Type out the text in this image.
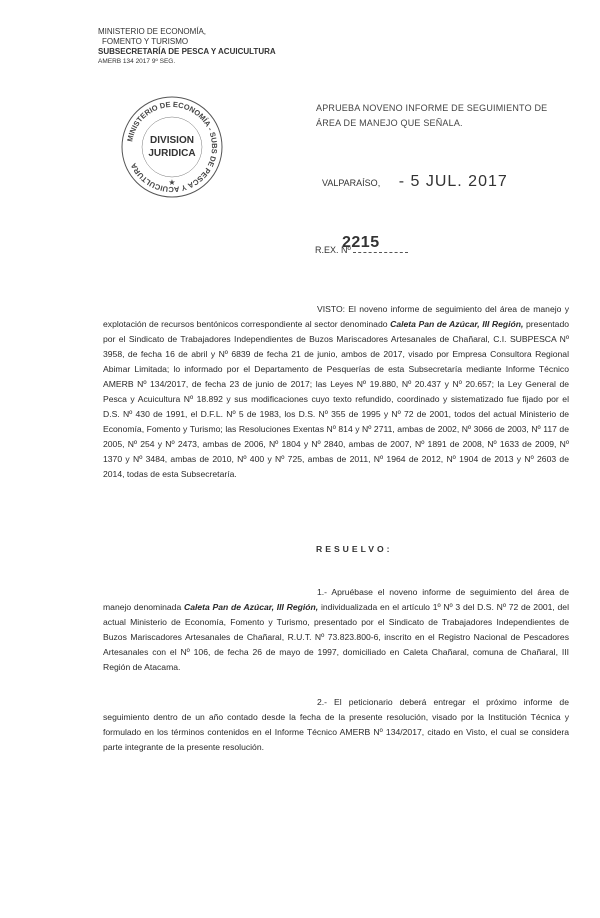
MINISTERIO DE ECONOMÍA,
FOMENTO Y TURISMO
SUBSECRETARÍA DE PESCA Y ACUICULTURA
AMERB 134 2017 9º SEG.
MINISTERIO DE ECONOMÍA - SUBS DE PESCA Y ACUICULTURA
DIVISION
JURIDICA
★
APRUEBA NOVENO INFORME DE SEGUIMIENTO DE ÁREA DE MANEJO QUE SEÑALA.
VALPARAÍSO, - 5 JUL. 2017
R.EX. Nº
2215
VISTO: El noveno informe de seguimiento del área de manejo y explotación de recursos bentónicos correspondiente al sector denominado Caleta Pan de Azúcar, III Región, presentado por el Sindicato de Trabajadores Independientes de Buzos Mariscadores Artesanales de Chañaral, C.I. SUBPESCA Nº 3958, de fecha 16 de abril y Nº 6839 de fecha 21 de junio, ambos de 2017, visado por Empresa Consultora Regional Abimar Limitada; lo informado por el Departamento de Pesquerías de esta Subsecretaría mediante Informe Técnico AMERB Nº 134/2017, de fecha 23 de junio de 2017; las Leyes Nº 19.880, Nº 20.437 y Nº 20.657; la Ley General de Pesca y Acuicultura Nº 18.892 y sus modificaciones cuyo texto refundido, coordinado y sistematizado fue fijado por el D.S. Nº 430 de 1991, el D.F.L. Nº 5 de 1983, los D.S. Nº 355 de 1995 y Nº 72 de 2001, todos del actual Ministerio de Economía, Fomento y Turismo; las Resoluciones Exentas Nº 814 y Nº 2711, ambas de 2002, Nº 3066 de 2003, Nº 117 de 2005, Nº 254 y Nº 2473, ambas de 2006, Nº 1804 y Nº 2840, ambas de 2007, Nº 1891 de 2008, Nº 1633 de 2009, Nº 1370 y Nº 3484, ambas de 2010, Nº 400 y Nº 725, ambas de 2011, Nº 1964 de 2012, Nº 1904 de 2013 y Nº 2603 de 2014, todas de esta Subsecretaría.
RESUELVO:
1.- Apruébase el noveno informe de seguimiento del área de manejo denominada Caleta Pan de Azúcar, III Región, individualizada en el artículo 1º Nº 3 del D.S. Nº 72 de 2001, del actual Ministerio de Economía, Fomento y Turismo, presentado por el Sindicato de Trabajadores Independientes de Buzos Mariscadores Artesanales de Chañaral, R.U.T. Nº 73.823.800-6, inscrito en el Registro Nacional de Pescadores Artesanales con el Nº 106, de fecha 26 de mayo de 1997, domiciliado en Caleta Chañaral, comuna de Chañaral, III Región de Atacama.
2.- El peticionario deberá entregar el próximo informe de seguimiento dentro de un año contado desde la fecha de la presente resolución, visado por la Institución Técnica y formulado en los términos contenidos en el Informe Técnico AMERB Nº 134/2017, citado en Visto, el cual se considera parte integrante de la presente resolución.
